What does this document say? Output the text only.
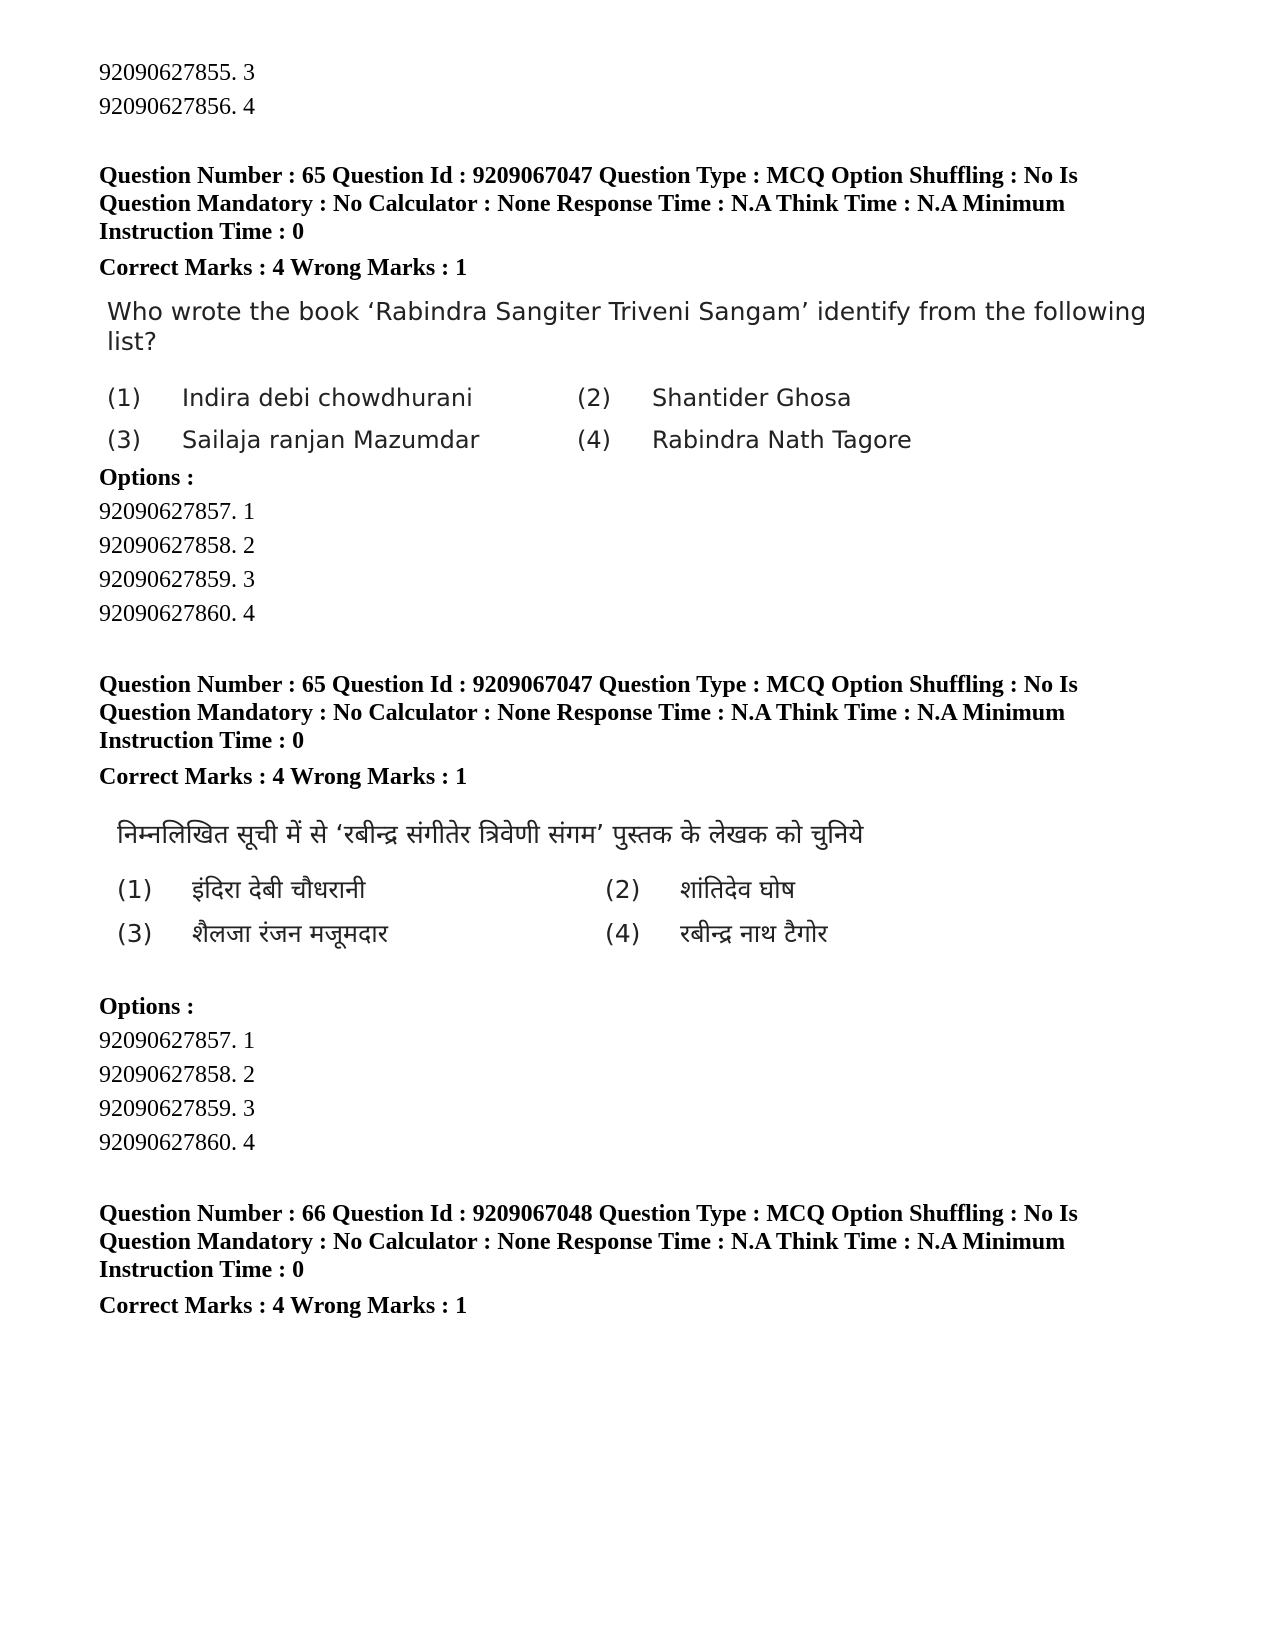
92090627855. 3
92090627856. 4
Question Number : 65 Question Id : 9209067047 Question Type : MCQ Option Shuffling : No Is Question Mandatory : No Calculator : None Response Time : N.A Think Time : N.A Minimum Instruction Time : 0
Correct Marks : 4 Wrong Marks : 1
Who wrote the book ‘Rabindra Sangiter Triveni Sangam’ identify from the following list?
(1)	Indira debi chowdhurani	(2)	Shantider Ghosa
(3)	Sailaja ranjan Mazumdar	(4)	Rabindra Nath Tagore
Options :
92090627857. 1
92090627858. 2
92090627859. 3
92090627860. 4
Question Number : 65 Question Id : 9209067047 Question Type : MCQ Option Shuffling : No Is Question Mandatory : No Calculator : None Response Time : N.A Think Time : N.A Minimum Instruction Time : 0
Correct Marks : 4 Wrong Marks : 1
निम्नलिखित सूची में से ‘रबीन्द्र संगीतेर त्रिवेणी संगम’ पुस्तक के लेखक को चुनिये
(1)	इंदिरा देबी चौधरानी	(2)	शांतिदेव घोष
(3)	शैलजा रंजन मजूमदार	(4)	रबीन्द्र नाथ टैगोर
Options :
92090627857. 1
92090627858. 2
92090627859. 3
92090627860. 4
Question Number : 66 Question Id : 9209067048 Question Type : MCQ Option Shuffling : No Is Question Mandatory : No Calculator : None Response Time : N.A Think Time : N.A Minimum Instruction Time : 0
Correct Marks : 4 Wrong Marks : 1
